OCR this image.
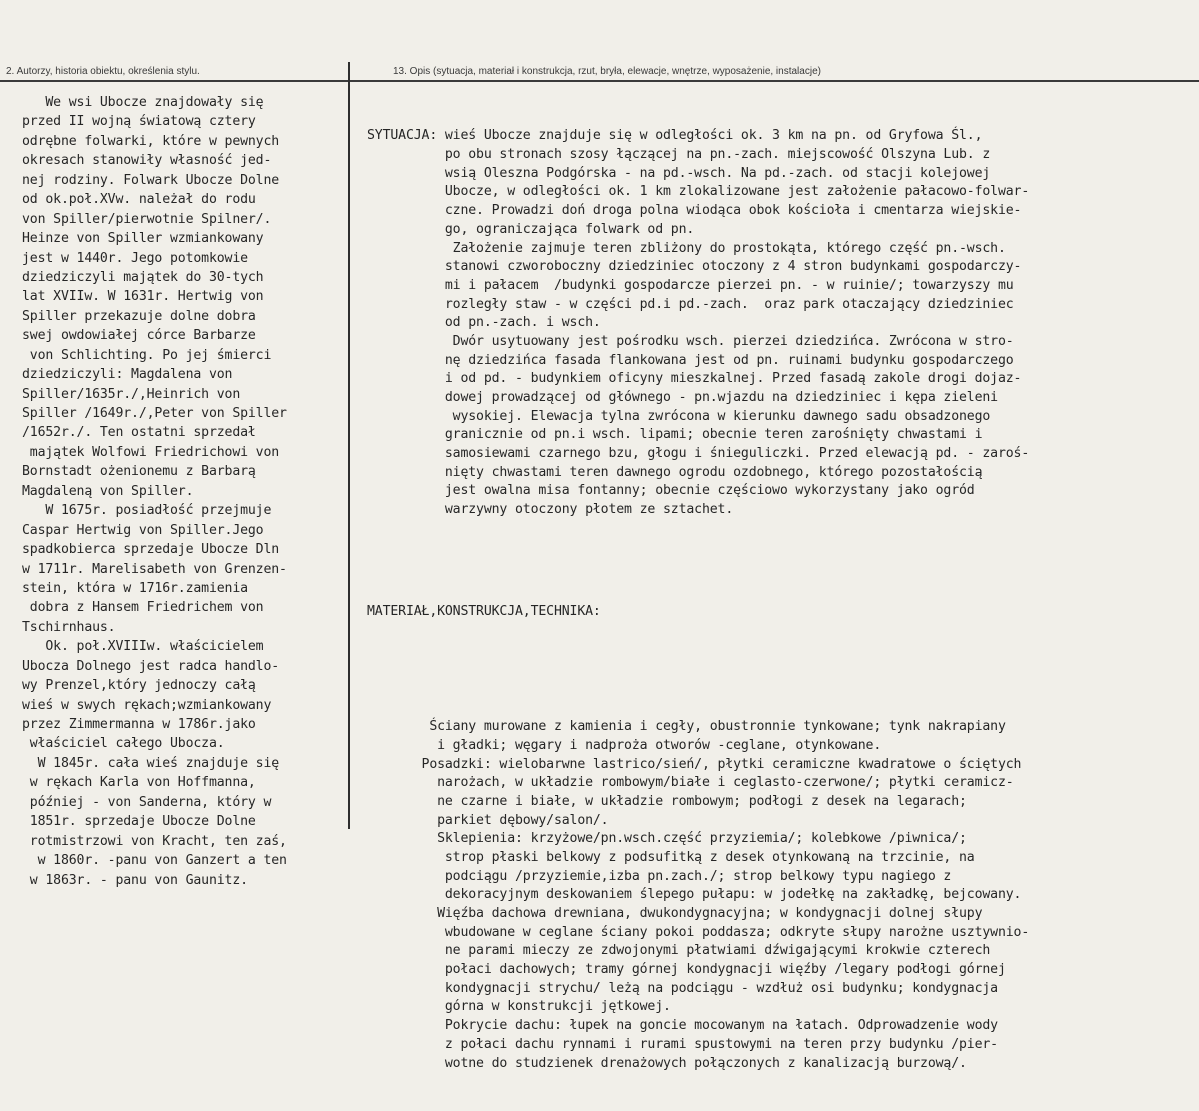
2. Autorzy, historia obiektu, określenia stylu.	13. Opis (sytuacja, materiał i konstrukcja, rzut, bryła, elewacje, wnętrze, wyposażenie, instalacje)
We wsi Ubocze znajdowały się
przed II wojną światową cztery
odrębne folwarki, które w pewnych
okresach stanowiły własność jed-
nej rodziny. Folwark Ubocze Dolne
od ok.poł.XVw. należał do rodu
von Spiller/pierwotnie Spilner/.
Heinze von Spiller wzmiankowany
jest w 1440r. Jego potomkowie
dziedziczyli majątek do 30-tych
lat XVIIw. W 1631r. Hertwig von
Spiller przekazuje dolne dobra
swej owdowiałej córce Barbarze
von Schlichting. Po jej śmierci
dziedziczyli: Magdalena von
Spiller/1635r./,Heinrich von
Spiller /1649r./,Peter von Spiller
/1652r./. Ten ostatni sprzedał
majątek Wolfowi Friedrichowi von
Bornstadt ożenionemu z Barbarą
Magdaleną von Spiller.
W 1675r. posiadłość przejmuje
Caspar Hertwig von Spiller.Jego
spadkobierca sprzedaje Ubocze Dln
w 1711r. Marelisabeth von Grenzen-
stein, która w 1716r.zamienia
dobra z Hansem Friedrichem von
Tschirnhaus.
Ok. poł.XVIIIw. właścicielem
Ubocza Dolnego jest radca handlo-
wy Prenzel,który jednoczy całą
wieś w swych rękach;wzmiankowany
przez Zimmermanna w 1786r.jako
właściciel całego Ubocza.
W 1845r. cała wieś znajduje się
w rękach Karla von Hoffmanna,
później - von Sanderna, który w
1851r. sprzedaje Ubocze Dolne
rotmistrzowi von Kracht, ten zaś,
w 1860r. -panu von Ganzert a ten
w 1863r. - panu von Gaunitz.

SYTUACJA: wieś Ubocze znajduje się w odległości ok. 3 km na pn. od Gryfowa Śl.,
po obu stronach szosy łączącej na pn.-zach. miejscowość Olszyna Lub. z
wsią Oleszna Podgórska - na pd.-wsch. Na pd.-zach. od stacji kolejowej
Ubocze, w odległości ok. 1 km zlokalizowane jest założenie pałacowo-folwar-
czne. Prowadzi doń droga polna wiodąca obok kościoła i cmentarza wiejskie-
go, ograniczająca folwark od pn.
Założenie zajmuje teren zbliżony do prostokąta, którego część pn.-wsch.
stanowi czworoboczny dziedziniec otoczony z 4 stron budynkami gospodarczy-
mi i pałacem  /budynki gospodarcze pierzei pn. - w ruinie/; towarzyszy mu
rozległy staw - w części pd.i pd.-zach.  oraz park otaczający dziedziniec
od pn.-zach. i wsch.
Dwór usytuowany jest pośrodku wsch. pierzei dziedzińca. Zwrócona w stro-
nę dziedzińca fasada flankowana jest od pn. ruinami budynku gospodarczego
i od pd. - budynkiem oficyny mieszkalnej. Przed fasadą zakole drogi dojaz-
dowej prowadzącej od głównego - pn.wjazdu na dziedziniec i kępa zieleni
wysokiej. Elewacja tylna zwrócona w kierunku dawnego sadu obsadzonego
granicznie od pn.i wsch. lipami; obecnie teren zarośnięty chwastami i
samosiewami czarnego bzu, głogu i śnieguliczki. Przed elewacją pd. - zaroś-
nięty chwastami teren dawnego ogrodu ozdobnego, którego pozostałością
jest owalna misa fontanny; obecnie częściowo wykorzystany jako ogród
warzywny otoczony płotem ze sztachet.

MATERIAŁ,KONSTRUKCJA,TECHNIKA:

Ściany murowane z kamienia i cegły, obustronnie tynkowane; tynk nakrapiany
i gładki; węgary i nadproża otworów -ceglane, otynkowane.
Posadzki: wielobarwne lastrico/sień/, płytki ceramiczne kwadratowe o ściętych
narożach, w układzie rombowym/białe i ceglasto-czerwone/; płytki ceramicz-
ne czarne i białe, w układzie rombowym; podłogi z desek na legarach;
parkiet dębowy/salon/.
Sklepienia: krzyżowe/pn.wsch.część przyziemia/; kolebkowe /piwnica/;
strop płaski belkowy z podsufitką z desek otynkowaną na trzcinie, na
podciągu /przyziemie,izba pn.zach./; strop belkowy typu nagiego z
dekoracyjnym deskowaniem ślepego pułapu: w jodełkę na zakładkę, bejcowany.
Więźba dachowa drewniana, dwukondygnacyjna; w kondygnacji dolnej słupy
wbudowane w ceglane ściany pokoi poddasza; odkryte słupy narożne usztywnio-
ne parami mieczy ze zdwojonymi płatwiami dźwigającymi krokwie czterech
połaci dachowych; tramy górnej kondygnacji więźby /legary podłogi górnej
kondygnacji strychu/ leżą na podciągu - wzdłuż osi budynku; kondygnacja
górna w konstrukcji jętkowej.
Pokrycie dachu: łupek na goncie mocowanym na łatach. Odprowadzenie wody
z połaci dachu rynnami i rurami spustowymi na teren przy budynku /pier-
wotne do studzienek drenażowych połączonych z kanalizacją burzową/.
